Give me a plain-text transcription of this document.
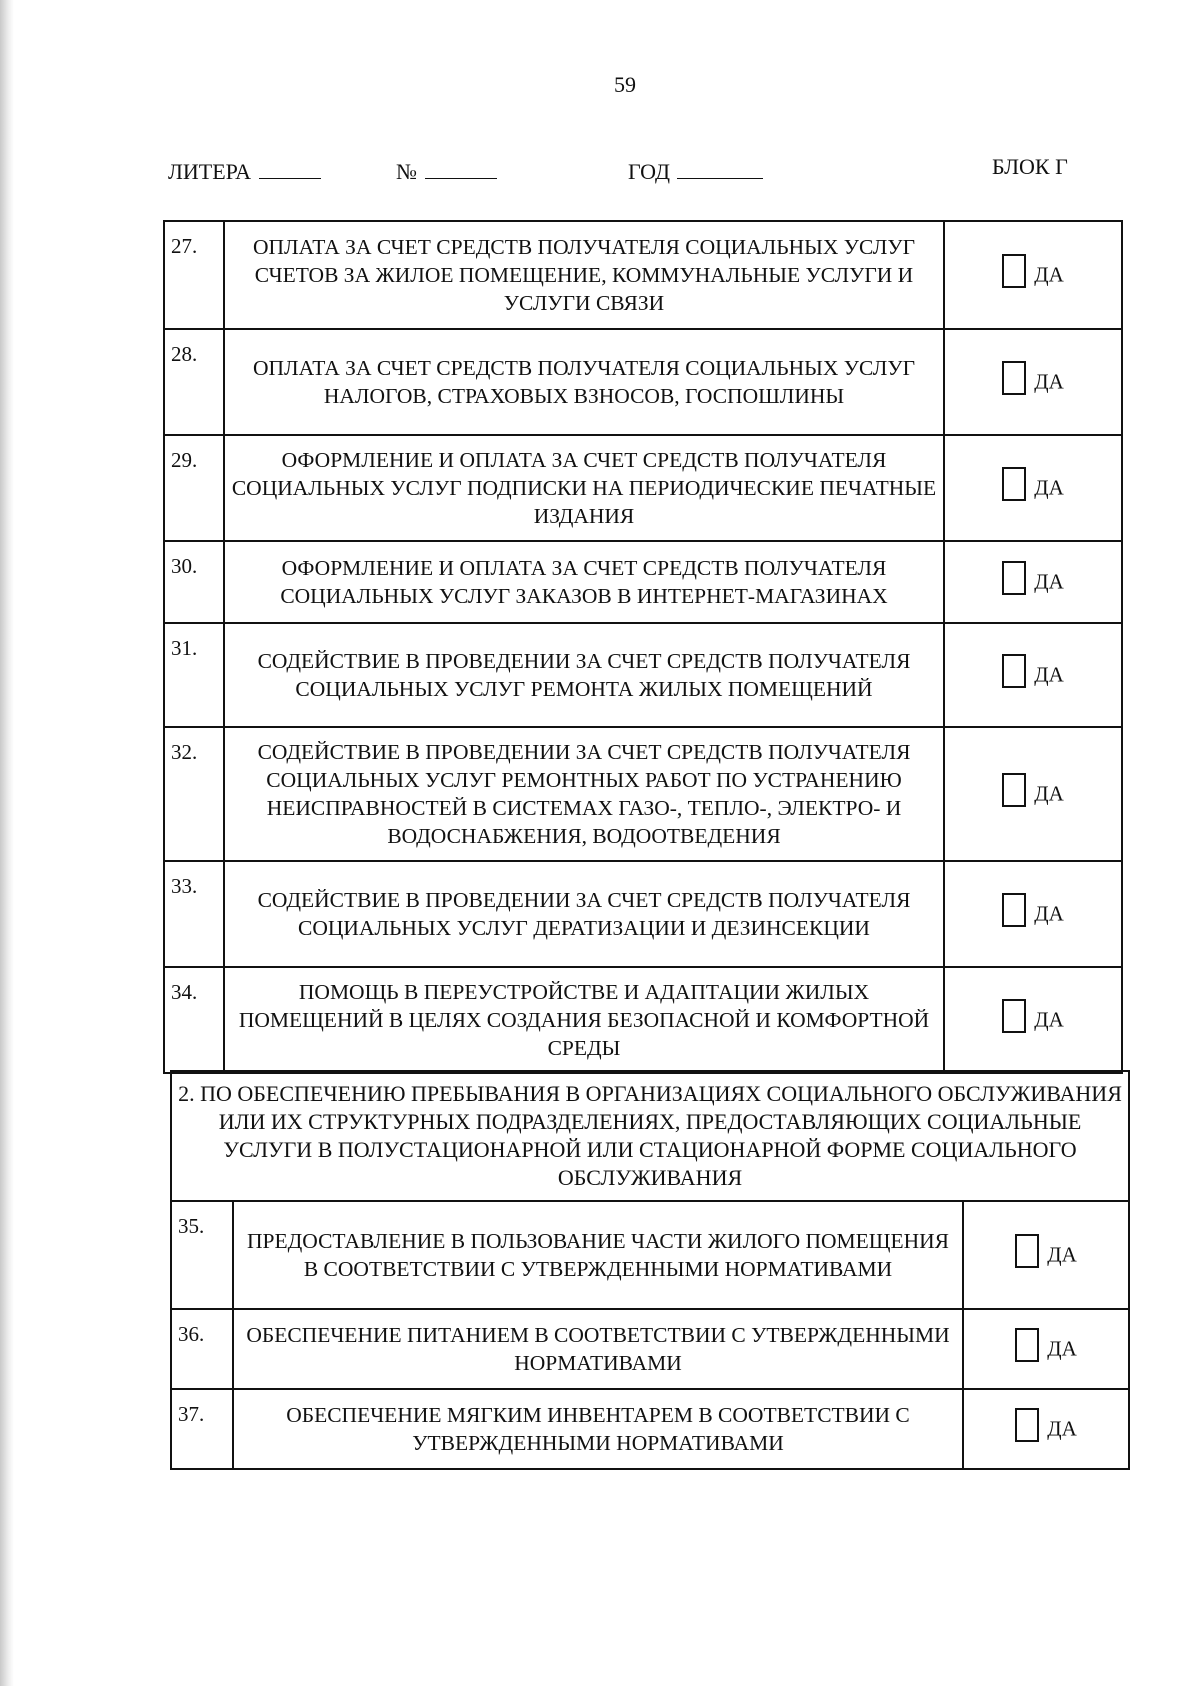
59
ЛИТЕРА	№	ГОД	БЛОК Г
27.	ОПЛАТА ЗА СЧЕТ СРЕДСТВ ПОЛУЧАТЕЛЯ СОЦИАЛЬНЫХ УСЛУГ СЧЕТОВ ЗА ЖИЛОЕ ПОМЕЩЕНИЕ, КОММУНАЛЬНЫЕ УСЛУГИ И УСЛУГИ СВЯЗИ	ДА
28.	ОПЛАТА ЗА СЧЕТ СРЕДСТВ ПОЛУЧАТЕЛЯ СОЦИАЛЬНЫХ УСЛУГ НАЛОГОВ, СТРАХОВЫХ ВЗНОСОВ, ГОСПОШЛИНЫ	ДА
29.	ОФОРМЛЕНИЕ И ОПЛАТА ЗА СЧЕТ СРЕДСТВ ПОЛУЧАТЕЛЯ СОЦИАЛЬНЫХ УСЛУГ ПОДПИСКИ НА ПЕРИОДИЧЕСКИЕ ПЕЧАТНЫЕ ИЗДАНИЯ	ДА
30.	ОФОРМЛЕНИЕ И ОПЛАТА ЗА СЧЕТ СРЕДСТВ ПОЛУЧАТЕЛЯ СОЦИАЛЬНЫХ УСЛУГ ЗАКАЗОВ В ИНТЕРНЕТ-МАГАЗИНАХ	ДА
31.	СОДЕЙСТВИЕ В ПРОВЕДЕНИИ ЗА СЧЕТ СРЕДСТВ ПОЛУЧАТЕЛЯ СОЦИАЛЬНЫХ УСЛУГ РЕМОНТА ЖИЛЫХ ПОМЕЩЕНИЙ	ДА
32.	СОДЕЙСТВИЕ В ПРОВЕДЕНИИ ЗА СЧЕТ СРЕДСТВ ПОЛУЧАТЕЛЯ СОЦИАЛЬНЫХ УСЛУГ РЕМОНТНЫХ РАБОТ ПО УСТРАНЕНИЮ НЕИСПРАВНОСТЕЙ В СИСТЕМАХ ГАЗО-, ТЕПЛО-, ЭЛЕКТРО- И ВОДОСНАБЖЕНИЯ, ВОДООТВЕДЕНИЯ	ДА
33.	СОДЕЙСТВИЕ В ПРОВЕДЕНИИ ЗА СЧЕТ СРЕДСТВ ПОЛУЧАТЕЛЯ СОЦИАЛЬНЫХ УСЛУГ ДЕРАТИЗАЦИИ И ДЕЗИНСЕКЦИИ	ДА
34.	ПОМОЩЬ В ПЕРЕУСТРОЙСТВЕ И АДАПТАЦИИ ЖИЛЫХ ПОМЕЩЕНИЙ В ЦЕЛЯХ СОЗДАНИЯ БЕЗОПАСНОЙ И КОМФОРТНОЙ СРЕДЫ	ДА
2. ПО ОБЕСПЕЧЕНИЮ ПРЕБЫВАНИЯ В ОРГАНИЗАЦИЯХ СОЦИАЛЬНОГО ОБСЛУЖИВАНИЯ ИЛИ ИХ СТРУКТУРНЫХ ПОДРАЗДЕЛЕНИЯХ, ПРЕДОСТАВЛЯЮЩИХ СОЦИАЛЬНЫЕ УСЛУГИ В ПОЛУСТАЦИОНАРНОЙ ИЛИ СТАЦИОНАРНОЙ ФОРМЕ СОЦИАЛЬНОГО ОБСЛУЖИВАНИЯ		
35.	ПРЕДОСТАВЛЕНИЕ В ПОЛЬЗОВАНИЕ ЧАСТИ ЖИЛОГО ПОМЕЩЕНИЯ В СООТВЕТСТВИИ С УТВЕРЖДЕННЫМИ НОРМАТИВАМИ	ДА
36.	ОБЕСПЕЧЕНИЕ ПИТАНИЕМ В СООТВЕТСТВИИ С УТВЕРЖДЕННЫМИ НОРМАТИВАМИ	ДА
37.	ОБЕСПЕЧЕНИЕ МЯГКИМ ИНВЕНТАРЕМ В СООТВЕТСТВИИ С УТВЕРЖДЕННЫМИ НОРМАТИВАМИ	ДА
